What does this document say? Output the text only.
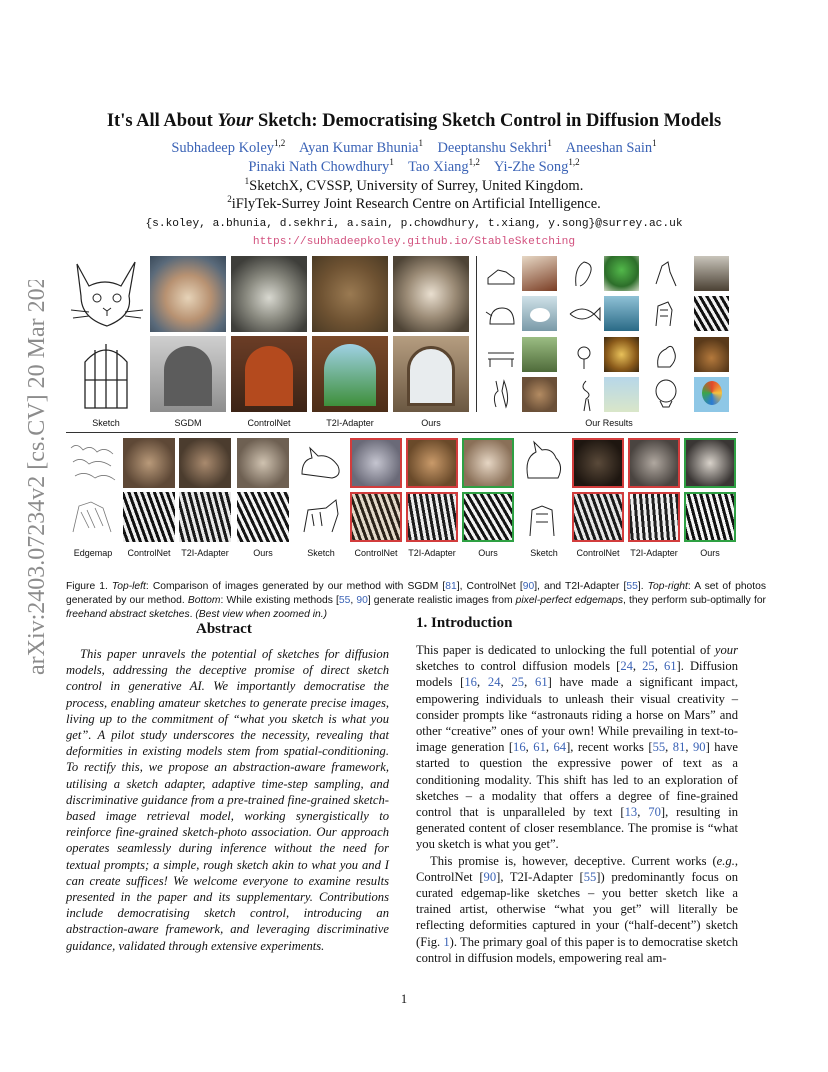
arXiv:2403.07234v2 [cs.CV] 20 Mar 2024
It's All About Your Sketch: Democratising Sketch Control in Diffusion Models
Subhadeep Koley$^{1,2}$ Ayan Kumar Bhunia$^1$ Deeptanshu Sekhri$^1$ Aneeshan Sain$^1$
Pinaki Nath Chowdhury$^1$ Tao Xiang$^{1,2}$ Yi-Zhe Song$^{1,2}$
$^1$SketchX, CVSSP, University of Surrey, United Kingdom.
$^2$iFlyTek-Surrey Joint Research Centre on Artificial Intelligence.
{s.koley, a.bhunia, d.sekhri, a.sain, p.chowdhury, t.xiang, y.song}@surrey.ac.uk
https://subhadeepkoley.github.io/StableSketching
Sketch	SGDM	ControlNet	T2I-Adapter	Ours	Our Results
Edgemap	ControlNet	T2I-Adapter	Ours	Sketch	ControlNet	T2I-Adapter	Ours	Sketch	ControlNet	T2I-Adapter	Ours
Figure 1. Top-left: Comparison of images generated by our method with SGDM [81], ControlNet [90], and T2I-Adapter [55]. Top-right: A set of photos generated by our method. Bottom: While existing methods [55, 90] generate realistic images from pixel-perfect edgemaps, they perform sub-optimally for freehand abstract sketches. (Best view when zoomed in.)
Abstract
This paper unravels the potential of sketches for diffusion models, addressing the deceptive promise of direct sketch control in generative AI. We importantly democratise the process, enabling amateur sketches to generate precise images, living up to the commitment of “what you sketch is what you get”. A pilot study underscores the necessity, revealing that deformities in existing models stem from spatial-conditioning. To rectify this, we propose an abstraction-aware framework, utilising a sketch adapter, adaptive time-step sampling, and discriminative guidance from a pre-trained fine-grained sketch-based image retrieval model, working synergistically to reinforce fine-grained sketch-photo association. Our approach operates seamlessly during inference without the need for textual prompts; a simple, rough sketch akin to what you and I can create suffices! We welcome everyone to examine results presented in the paper and its supplementary. Contributions include democratising sketch control, introducing an abstraction-aware framework, and leveraging discriminative guidance, validated through extensive experiments.
1. Introduction
This paper is dedicated to unlocking the full potential of your sketches to control diffusion models [24, 25, 61]. Diffusion models [16, 24, 25, 61] have made a significant impact, empowering individuals to unleash their visual creativity – consider prompts like “astronauts riding a horse on Mars” and other “creative” ones of your own! While prevailing in text-to-image generation [16, 61, 64], recent works [55, 81, 90] have started to question the expressive power of text as a conditioning modality. This shift has led to an exploration of sketches – a modality that offers a degree of fine-grained control that is unparalleled by text [13, 70], resulting in generated content of closer resemblance. The promise is “what you sketch is what you get”.
This promise is, however, deceptive. Current works (e.g., ControlNet [90], T2I-Adapter [55]) predominantly focus on curated edgemap-like sketches – you better sketch like a trained artist, otherwise “what you get” will literally be reflecting deformities captured in your (“half-decent”) sketch (Fig. 1). The primary goal of this paper is to democratise sketch control in diffusion models, empowering real am-
1
